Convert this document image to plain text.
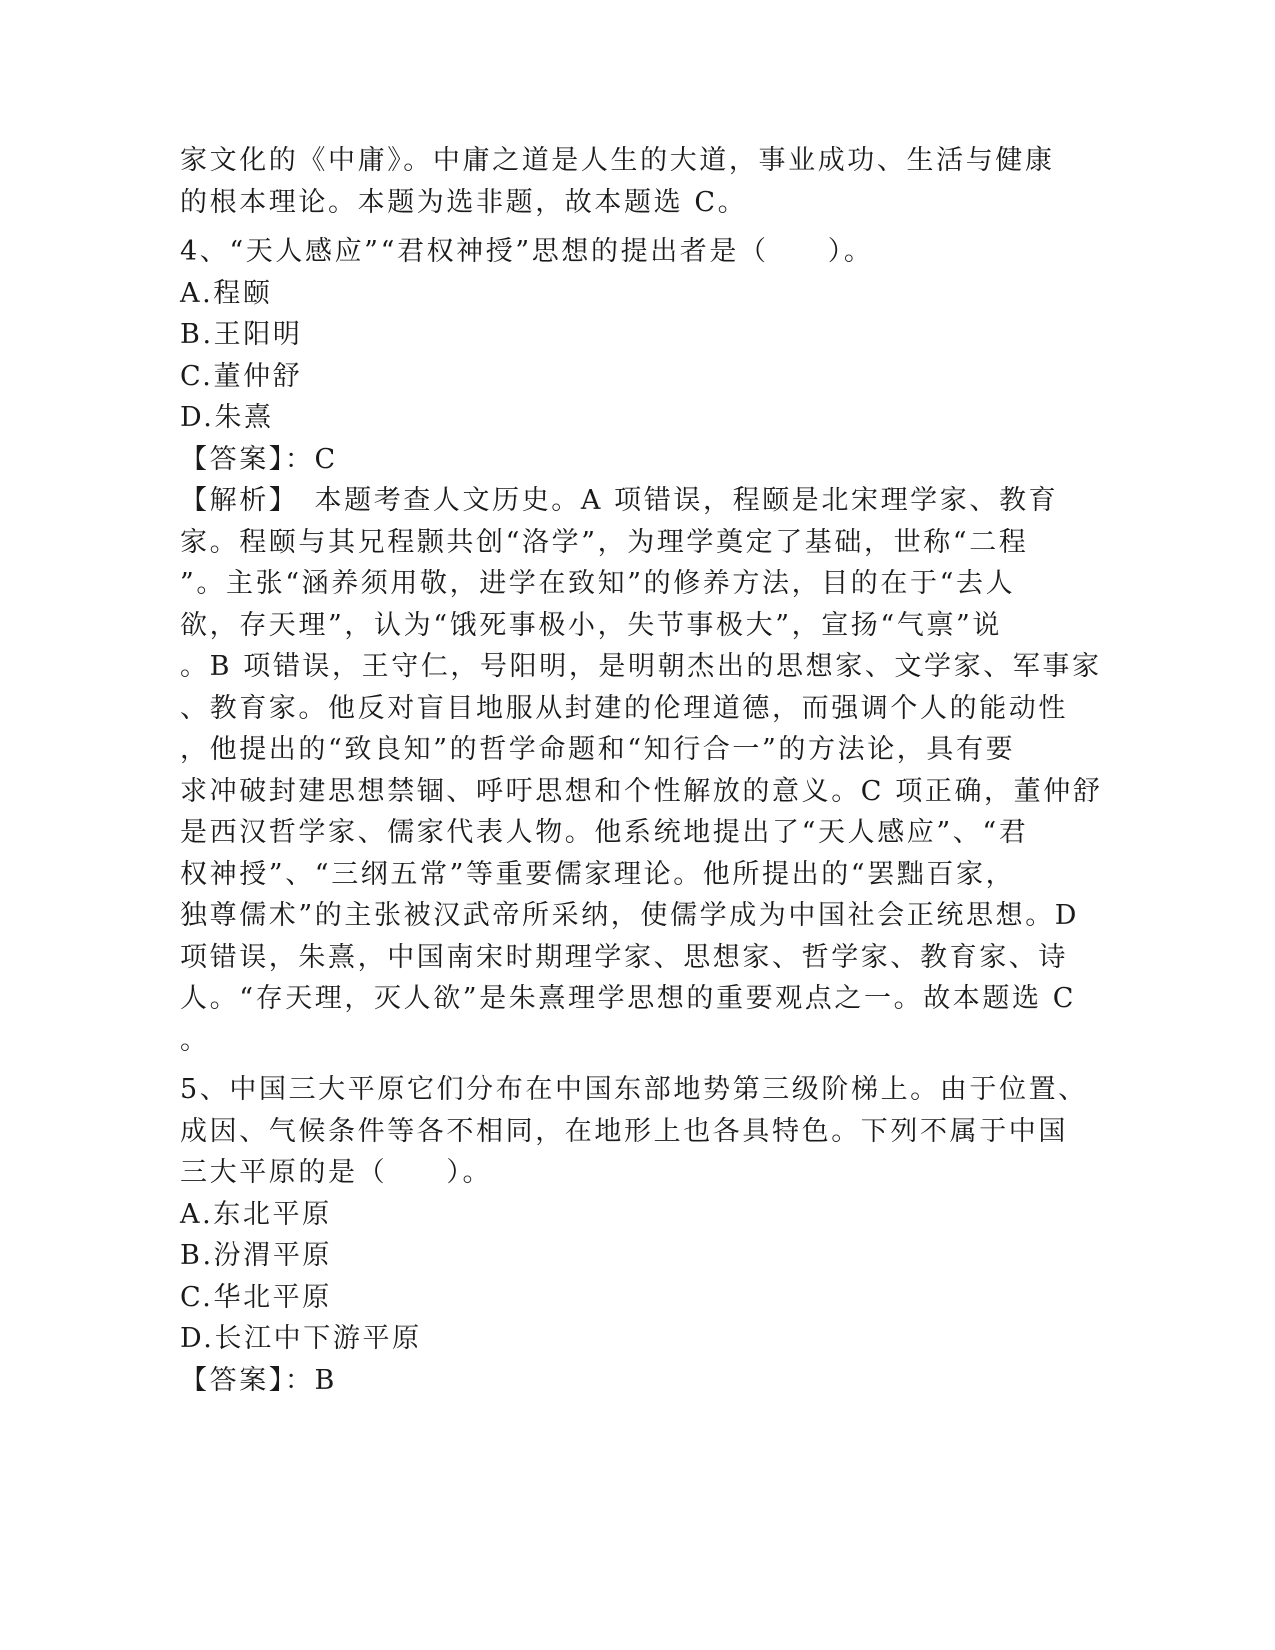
家文化的《中庸》。中庸之道是人生的大道，事业成功、生活与健康
的根本理论。本题为选非题，故本题选 C。
4、“天人感应”“君权神授”思想的提出者是（　　）。
A.程颐
B.王阳明
C.董仲舒
D.朱熹
【答案】：C
【解析】　本题考查人文历史。A 项错误，程颐是北宋理学家、教育
家。程颐与其兄程颢共创“洛学”，为理学奠定了基础，世称“二程
”。主张“涵养须用敬，进学在致知”的修养方法，目的在于“去人
欲，存天理”，认为“饿死事极小，失节事极大”，宣扬“气禀”说
。B 项错误，王守仁，号阳明，是明朝杰出的思想家、文学家、军事家
、教育家。他反对盲目地服从封建的伦理道德，而强调个人的能动性
，他提出的“致良知”的哲学命题和“知行合一”的方法论，具有要
求冲破封建思想禁锢、呼吁思想和个性解放的意义。C 项正确，董仲舒
是西汉哲学家、儒家代表人物。他系统地提出了“天人感应”、“君
权神授”、“三纲五常”等重要儒家理论。他所提出的“罢黜百家，
独尊儒术”的主张被汉武帝所采纳，使儒学成为中国社会正统思想。D
项错误，朱熹，中国南宋时期理学家、思想家、哲学家、教育家、诗
人。“存天理，灭人欲”是朱熹理学思想的重要观点之一。故本题选 C
。
5、中国三大平原它们分布在中国东部地势第三级阶梯上。由于位置、
成因、气候条件等各不相同，在地形上也各具特色。下列不属于中国
三大平原的是（　　）。
A.东北平原
B.汾渭平原
C.华北平原
D.长江中下游平原
【答案】：B
